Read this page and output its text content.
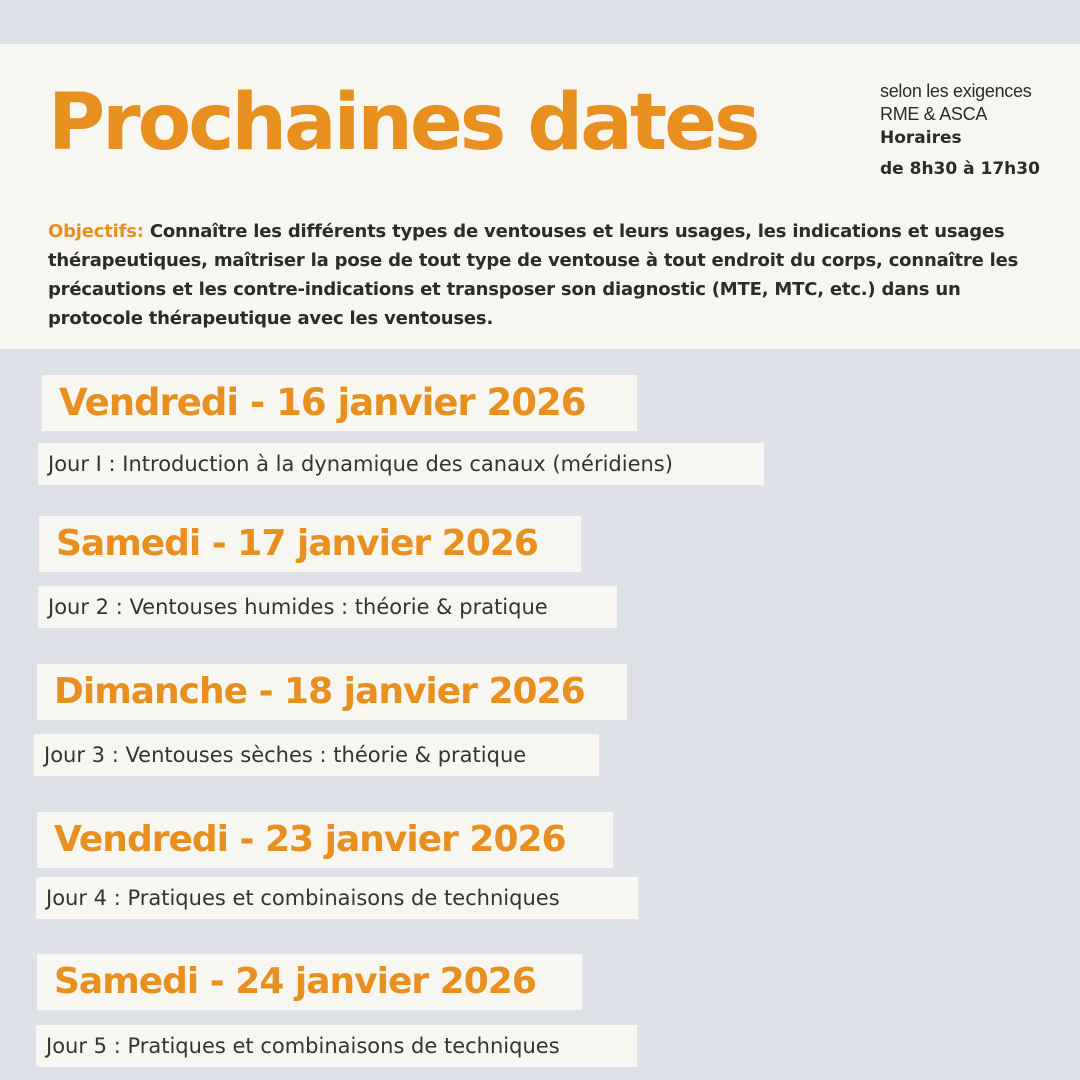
Prochaines dates	selon les exigences
RME & ASCA
Horaires
de 8h30 à 17h30
Objectifs: Connaître les différents types de ventouses et leurs usages, les indications et usages thérapeutiques, maîtriser la pose de tout type de ventouse à tout endroit du corps, connaître les précautions et les contre-indications et transposer son diagnostic (MTE, MTC, etc.) dans un protocole thérapeutique avec les ventouses.
Vendredi - 16 janvier 2026
Jour I : Introduction à la dynamique des canaux (méridiens)
Samedi - 17 janvier 2026
Jour 2 : Ventouses humides : théorie & pratique
Dimanche - 18 janvier 2026
Jour 3 : Ventouses sèches : théorie & pratique
Vendredi - 23 janvier 2026
Jour 4 : Pratiques et combinaisons de techniques
Samedi - 24 janvier 2026
Jour 5 : Pratiques et combinaisons de techniques
